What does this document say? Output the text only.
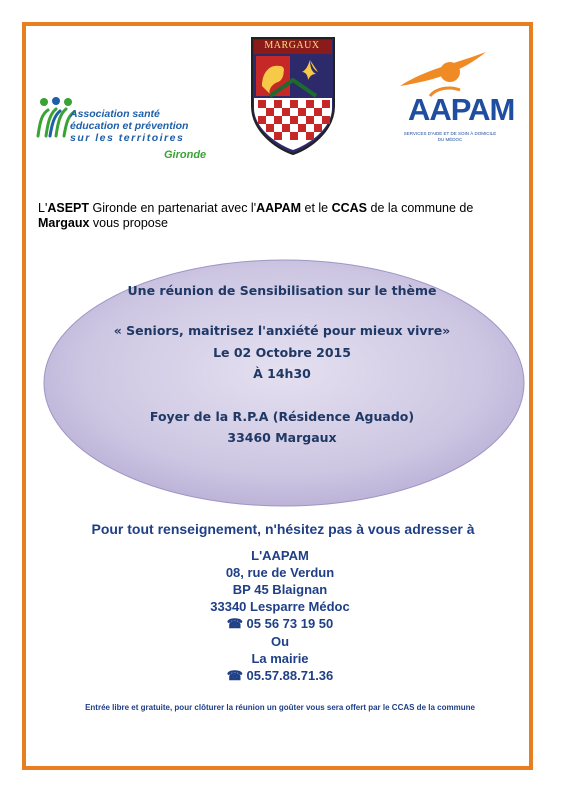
Association santé
éducation et prévention
sur les territoires
Gironde
MARGAUX
AAPAM
SERVICES D'AIDE ET DE SOIN À DOMICILE
DU MÉDOC
L'ASEPT Gironde en partenariat avec l'AAPAM et le CCAS de la commune de
Margaux vous propose
Une réunion de Sensibilisation sur le thème
« Seniors, maitrisez l'anxiété pour mieux vivre»
Le 02 Octobre 2015
À 14h30
Foyer de la R.P.A (Résidence Aguado)
33460 Margaux
Pour tout renseignement, n'hésitez pas à vous adresser à
L'AAPAM
08, rue de Verdun
BP 45 Blaignan
33340 Lesparre Médoc
☎ 05 56 73 19 50
Ou
La mairie
☎ 05.57.88.71.36
Entrée libre et gratuite, pour clôturer la réunion un goûter vous sera offert par le CCAS de la commune
